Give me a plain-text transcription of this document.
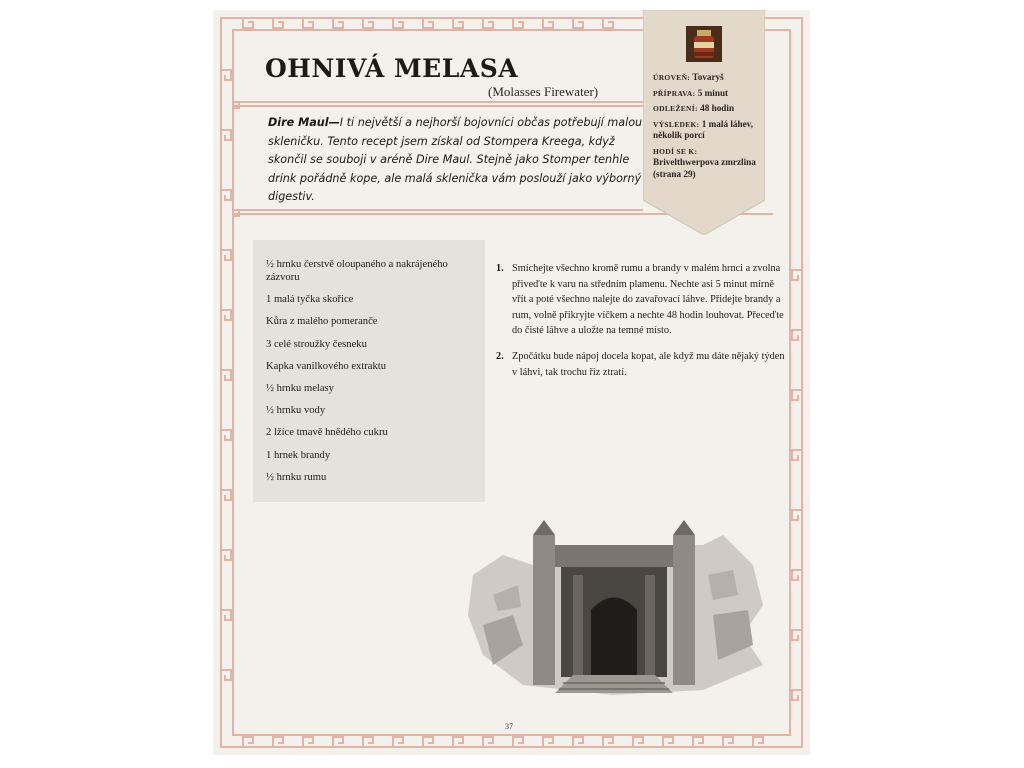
OHNIVÁ MELASA
(Molasses Firewater)
Dire Maul—I ti největší a nejhorší bojovníci občas potřebují malou skleničku. Tento recept jsem získal od Stompera Kreega, když skončil se souboji v aréně Dire Maul. Stejně jako Stomper tenhle drink pořádně kope, ale malá sklenička vám poslouží jako výborný digestiv.
ÚROVEŇ: Tovaryš
PŘÍPRAVA: 5 minut
ODLEŽENÍ: 48 hodin
VÝSLEDEK: 1 malá láhev, několik porcí
HODÍ SE K:
Brivelthwerpova zmrzlina (strana 29)
½ hrnku čerstvě oloupaného a nakrájeného zázvoru
1 malá tyčka skořice
Kůra z malého pomeranče
3 celé stroužky česneku
Kapka vanilkového extraktu
½ hrnku melasy
½ hrnku vody
2 lžíce tmavě hnědého cukru
1 hrnek brandy
½ hrnku rumu
1. Smíchejte všechno kromě rumu a brandy v malém hrnci a zvolna přiveďte k varu na středním plamenu. Nechte asi 5 minut mírně vřít a poté všechno nalejte do zavařovací láhve. Přidejte brandy a rum, volně přikryjte víčkem a nechte 48 hodin louhovat. Přeceďte do čisté láhve a uložte na temné místo.
2. Zpočátku bude nápoj docela kopat, ale když mu dáte nějaký týden v láhvi, tak trochu říz ztratí.
37
